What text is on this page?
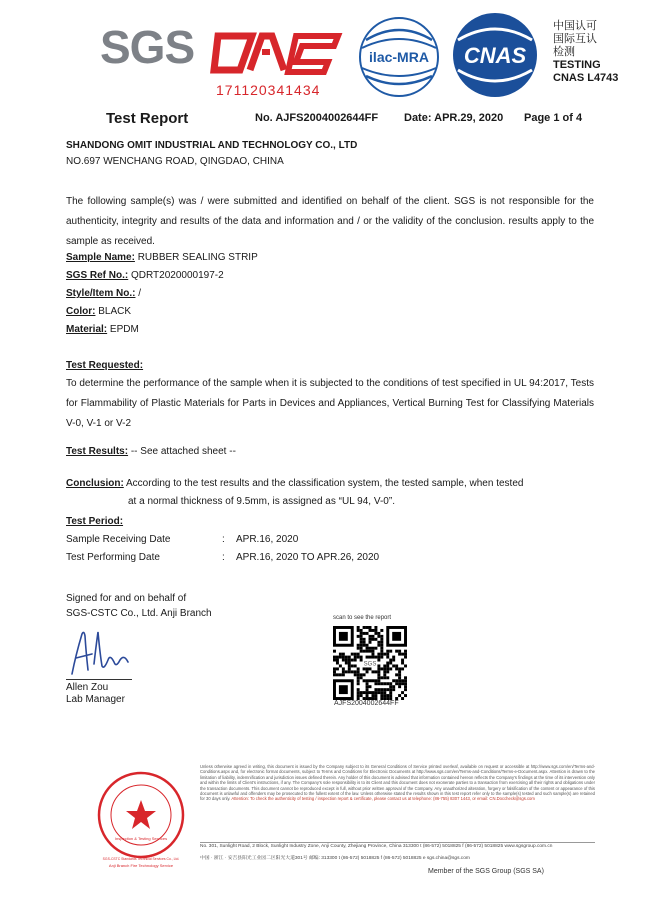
SGS
171120341434
ilac-MRA CNAS
中国认可
国际互认
检测
TESTING
CNAS L4743
Test Report	No. AJFS2004002644FF Date: APR.29, 2020 Page 1 of 4
SHANDONG OMIT INDUSTRIAL AND TECHNOLOGY CO., LTD
NO.697 WENCHANG ROAD, QINGDAO, CHINA
The following sample(s) was / were submitted and identified on behalf of the client. SGS is not responsible for the authenticity, integrity and results of the data and information and / or the validity of the conclusion. results apply to the sample as received.
Sample Name: RUBBER SEALING STRIP
SGS Ref No.: QDRT2020000197-2
Style/Item No.: /
Color: BLACK
Material: EPDM
Test Requested:
To determine the performance of the sample when it is subjected to the conditions of test specified in UL 94:2017, Tests for Flammability of Plastic Materials for Parts in Devices and Appliances, Vertical Burning Test for Classifying Materials V-0, V-1 or V-2
Test Results: -- See attached sheet --
Conclusion: According to the test results and the classification system, the tested sample, when tested
at a normal thickness of 9.5mm, is assigned as “UL 94, V-0”.
Test Period:
Sample Receiving Date	: APR.16, 2020
Test Performing Date	: APR.16, 2020 TO APR.26, 2020
Signed for and on behalf of
SGS-CSTC Co., Ltd. Anji Branch
Allen Zou
Lab Manager
scan to see the report
SGS
AJFS2004002644FF
Inspection & Testing Services
SGS-CSTC Standards Technical Services Co., Ltd.
Anji Branch Fire Technology Service
Unless otherwise agreed in writing, this document is issued by the Company subject to its General Conditions of Service printed overleaf, available on request or accessible at http://www.sgs.com/en/Terms-and-Conditions.aspx and, for electronic format documents, subject to Terms and Conditions for Electronic Documents at http://www.sgs.com/en/Terms-and-Conditions/Terms-e-Document.aspx. Attention is drawn to the limitation of liability, indemnification and jurisdiction issues defined therein. Any holder of this document is advised that information contained hereon reflects the Company's findings at the time of its intervention only and within the limits of Client's instructions, if any. The Company's sole responsibility is to its Client and this document does not exonerate parties to a transaction from exercising all their rights and obligations under the transaction documents. This document cannot be reproduced except in full, without prior written approval of the Company. Any unauthorized alteration, forgery or falsification of the content or appearance of this document is unlawful and offenders may be prosecuted to the fullest extent of the law. Unless otherwise stated the results shown in this test report refer only to the sample(s) tested and such sample(s) are retained for 30 days only. Attention: To check the authenticity of testing / inspection report & certificate, please contact us at telephone: (86-755) 8307 1443, or email: CN.Doccheck@sgs.com
No. 301, Sunlight Road, 2 Block, Sunlight Industry Zone, Anji County, Zhejiang Province, China 313300 t (86-572) 5018825 f (86-572) 5018825 www.sgsgroup.com.cn
中国 · 浙江 · 安吉县阳光工业园二区阳光大道301号 邮编: 313300 t (86-572) 5018825 f (86-572) 5018825 e sgs.china@sgs.com
Member of the SGS Group (SGS SA)
